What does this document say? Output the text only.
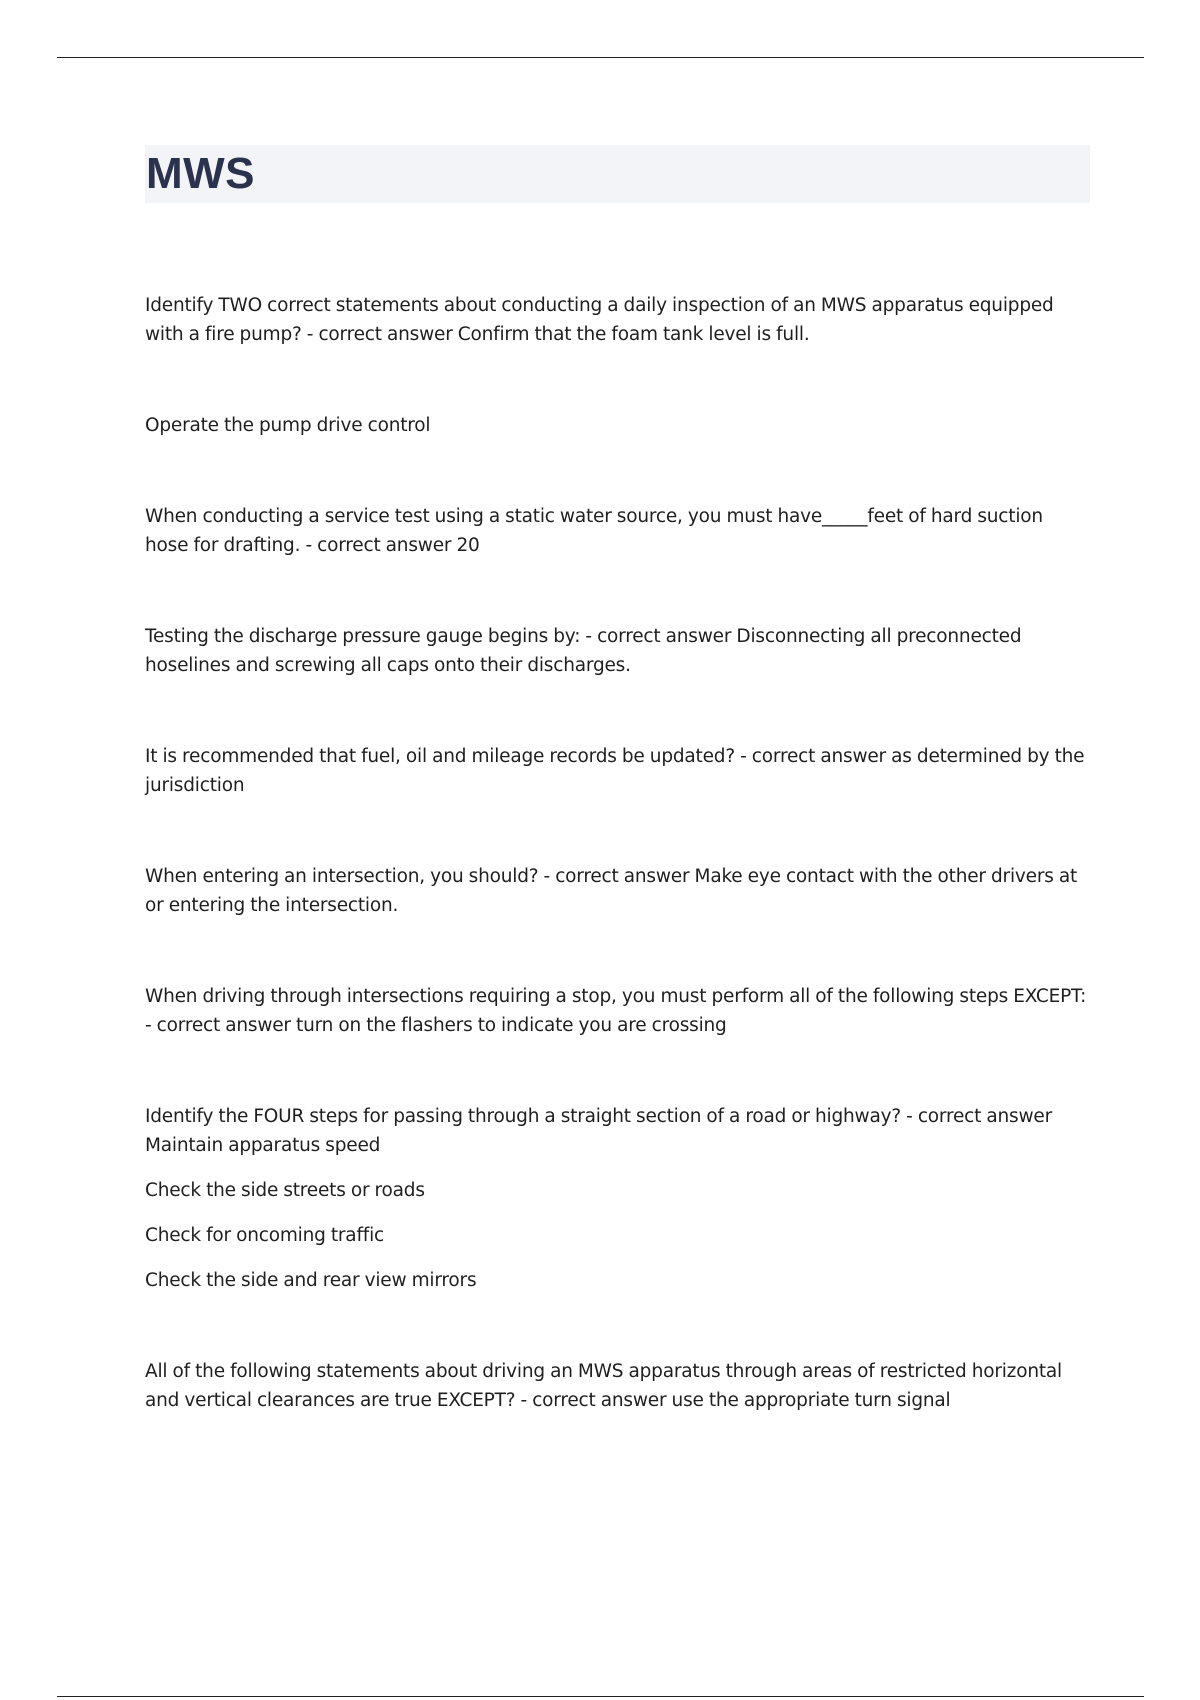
MWS

Identify TWO correct statements about conducting a daily inspection of an MWS apparatus equipped with a fire pump? - correct answer Confirm that the foam tank level is full.

Operate the pump drive control

When conducting a service test using a static water source, you must have_____feet of hard suction hose for drafting. - correct answer 20

Testing the discharge pressure gauge begins by: - correct answer Disconnecting all preconnected hoselines and screwing all caps onto their discharges.

It is recommended that fuel, oil and mileage records be updated? - correct answer as determined by the jurisdiction

When entering an intersection, you should? - correct answer Make eye contact with the other drivers at or entering the intersection.

When driving through intersections requiring a stop, you must perform all of the following steps EXCEPT: - correct answer turn on the flashers to indicate you are crossing

Identify the FOUR steps for passing through a straight section of a road or highway? - correct answer Maintain apparatus speed

Check the side streets or roads

Check for oncoming traffic

Check the side and rear view mirrors

All of the following statements about driving an MWS apparatus through areas of restricted horizontal and vertical clearances are true EXCEPT? - correct answer use the appropriate turn signal
